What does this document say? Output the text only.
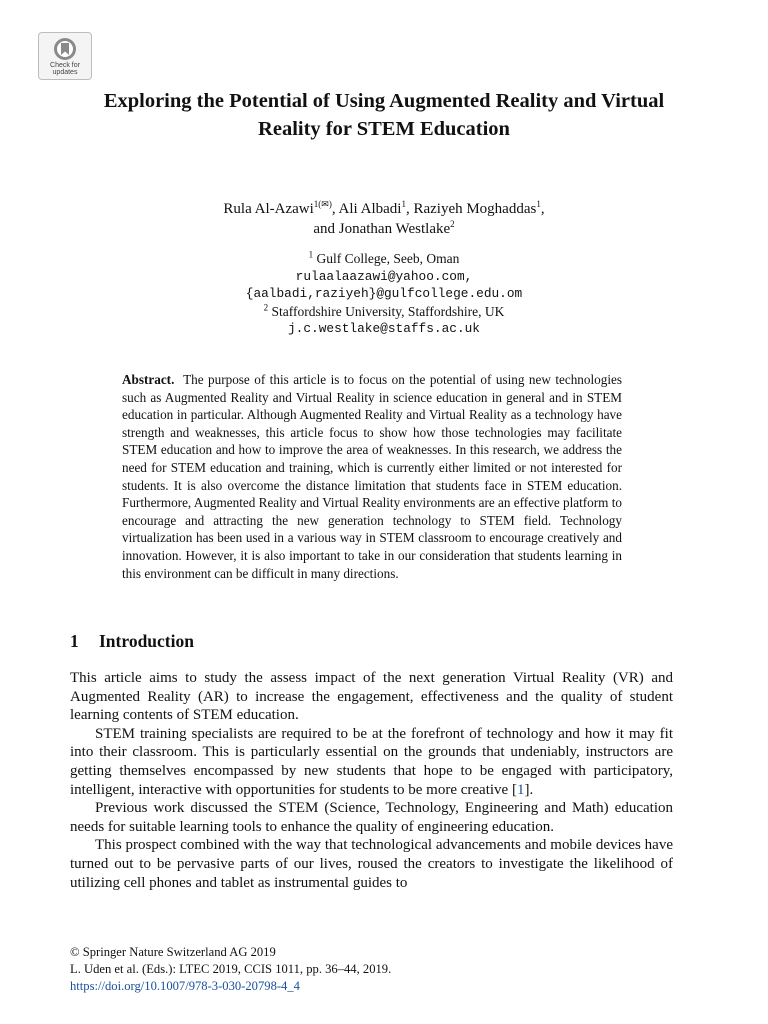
Check for updates
Exploring the Potential of Using Augmented Reality and Virtual Reality for STEM Education
Rula Al-Azawi$^{1(✉)}$, Ali Albadi$^1$, Raziyeh Moghaddas$^1$,
and Jonathan Westlake$^2$
$^1$ Gulf College, Seeb, Oman
rulaalaazawi@yahoo.com,
{aalbadi,raziyeh}@gulfcollege.edu.om
$^2$ Staffordshire University, Staffordshire, UK
j.c.westlake@staffs.ac.uk

Abstract. The purpose of this article is to focus on the potential of using new technologies such as Augmented Reality and Virtual Reality in science education in general and in STEM education in particular. Although Augmented Reality and Virtual Reality as a technology have strength and weaknesses, this article focus to show how those technologies may facilitate STEM education and how to improve the area of weaknesses. In this research, we address the need for STEM education and training, which is currently either limited or not interested for students. It is also overcome the distance limitation that students face in STEM education. Furthermore, Augmented Reality and Virtual Reality environments are an effective platform to encourage and attracting the new generation technology to STEM field. Technology virtualization has been used in a various way in STEM classroom to encourage creatively and innovation. However, it is also important to take in our consideration that students learning in this environment can be difficult in many directions.

1 Introduction

This article aims to study the assess impact of the next generation Virtual Reality (VR) and Augmented Reality (AR) to increase the engagement, effectiveness and the quality of student learning contents of STEM education.

STEM training specialists are required to be at the forefront of technology and how it may fit into their classroom. This is particularly essential on the grounds that undeniably, instructors are getting themselves encompassed by new students that hope to be engaged with participatory, intelligent, interactive with opportunities for students to be more creative [1].

Previous work discussed the STEM (Science, Technology, Engineering and Math) education needs for suitable learning tools to enhance the quality of engineering education.

This prospect combined with the way that technological advancements and mobile devices have turned out to be pervasive parts of our lives, roused the creators to investigate the likelihood of utilizing cell phones and tablet as instrumental guides to

© Springer Nature Switzerland AG 2019
L. Uden et al. (Eds.): LTEC 2019, CCIS 1011, pp. 36–44, 2019.
https://doi.org/10.1007/978-3-030-20798-4_4
